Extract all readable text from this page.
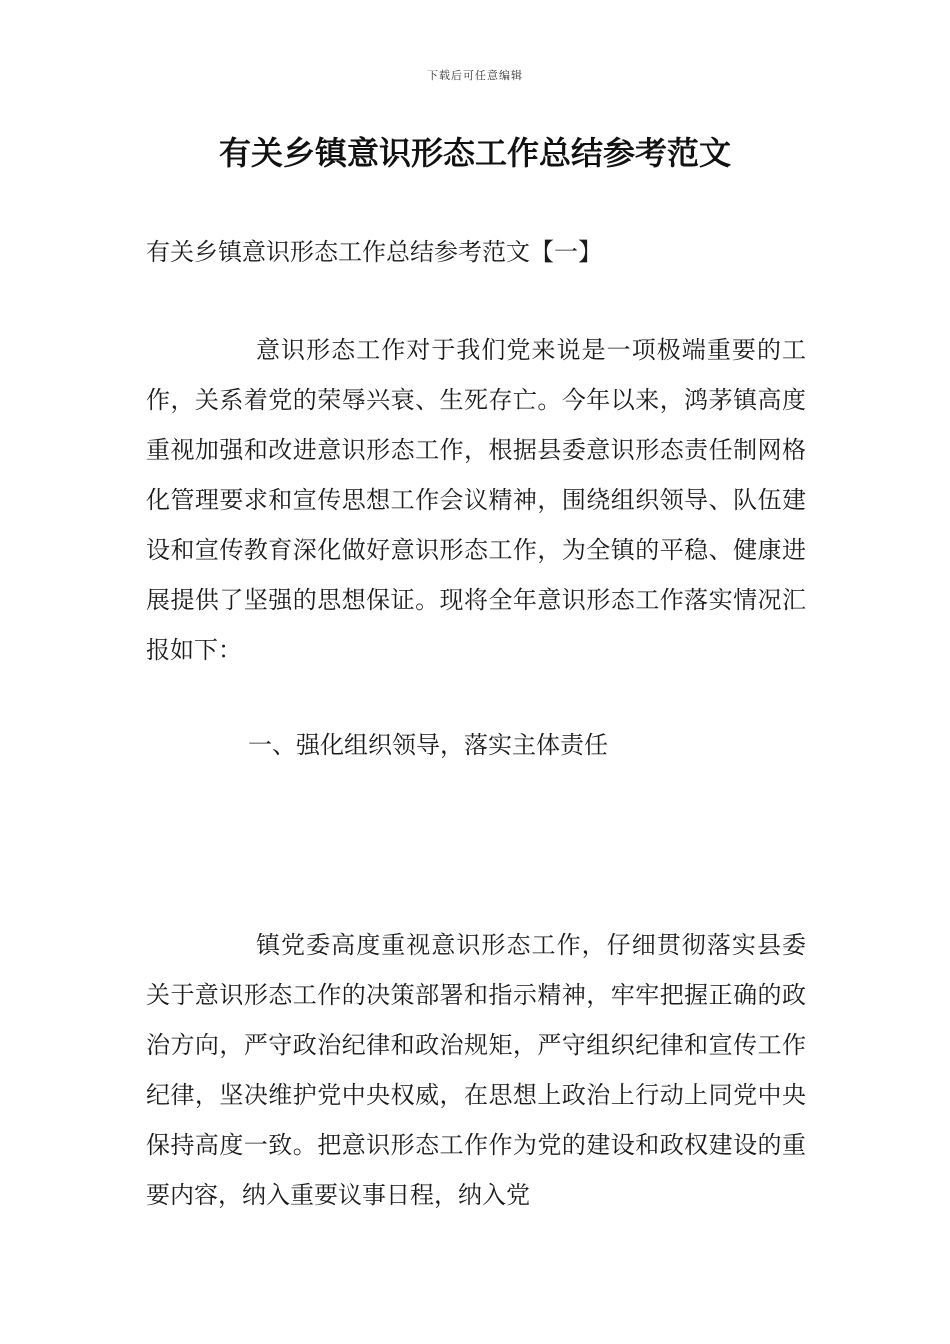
下载后可任意编辑
有关乡镇意识形态工作总结参考范文

有关乡镇意识形态工作总结参考范文【一】

意识形态工作对于我们党来说是一项极端重要的工作，关系着党的荣辱兴衰、生死存亡。今年以来，鸿茅镇高度重视加强和改进意识形态工作，根据县委意识形态责任制网格化管理要求和宣传思想工作会议精神，围绕组织领导、队伍建设和宣传教育深化做好意识形态工作，为全镇的平稳、健康进展提供了坚强的思想保证。现将全年意识形态工作落实情况汇报如下：

一、强化组织领导，落实主体责任

镇党委高度重视意识形态工作，仔细贯彻落实县委关于意识形态工作的决策部署和指示精神，牢牢把握正确的政治方向，严守政治纪律和政治规矩，严守组织纪律和宣传工作纪律，坚决维护党中央权威，在思想上政治上行动上同党中央保持高度一致。把意识形态工作作为党的建设和政权建设的重要内容，纳入重要议事日程，纳入党
